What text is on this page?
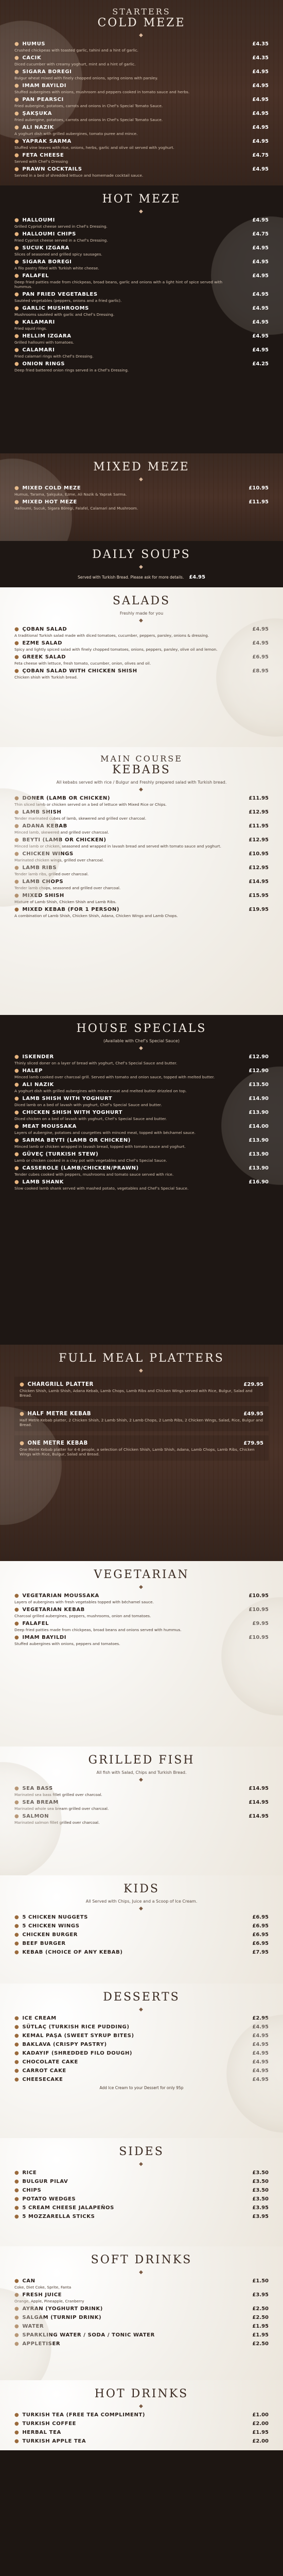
STARTERS
COLD MEZE
◆
● HUMUS	£4.35
Crushed chickpeas with toasted garlic, tahini and a hint of garlic.
● CACIK	£4.35
Diced cucumber with creamy yoghurt, mint and a hint of garlic.
● SIGARA BOREGI	£4.95
Bulgur wheat mixed with finely chopped onions, spring onions with parsley.
● IMAM BAYILDI	£4.95
Stuffed aubergines with onions, mushroom and peppers cooked in tomato sauce and herbs.
● PAN PEARSCI	£4.95
Fried aubergine, potatoes, carrots and onions in Chef’s Special Tomato Sauce.
● ŞAKŞUKA	£4.95
Fried aubergine, potatoes, carrots and onions in Chef’s Special Tomato Sauce.
● ALI NAZIK	£4.95
A yoghurt dish with grilled aubergines, tomato puree and mince.
● YAPRAK SARMA	£4.95
Stuffed vine leaves with rice, onions, herbs, garlic and olive oil served with yoghurt.
● FETA CHEESE	£4.75
Served with Chef’s Dressing
● PRAWN COCKTAILS	£4.95
Served in a bed of shredded lettuce and homemade cocktail sauce.
HOT MEZE
◆
● HALLOUMI	£4.95
Grilled Cypriot cheese served in Chef’s Dressing.
● HALLOUMI CHIPS	£4.75
Fried Cypriot cheese served in a Chef’s Dressing.
● SUCUK IZGARA	£4.95
Slices of seasoned and grilled spicy sausages.
● SIGARA BOREGI	£4.95
A filo pastry filled with Turkish white cheese.
● FALAFEL	£4.95
Deep fried patties made from chickpeas, broad beans, garlic and onions with a light hint of spice served with hummus.
● PAN FRIED VEGETABLES	£4.95
Sautéed vegetables (peppers, onions and a fried garlic).
● GARLIC MUSHROOMS	£4.95
Mushrooms sautéed with garlic and Chef’s Dressing.
● KALAMARI	£4.95
Fried squid rings.
● HELLIM IZGARA	£4.95
Grilled halloumi with tomatoes.
● CALAMARI	£4.95
Fried calamari rings with Chef’s Dressing.
● ONION RINGS	£4.25
Deep fried battered onion rings served in a Chef’s Dressing.
MIXED MEZE
◆
● MIXED COLD MEZE	£10.95
Humus, Tarama, Şakşuka, Ezme, Ali Nazik & Yaprak Sarma.
● MIXED HOT MEZE	£11.95
Halloumi, Sucuk, Sigara Böregi, Falafel, Calamari and Mushroom.
DAILY SOUPS
◆
Served with Turkish Bread. Please ask for more details. £4.95
SALADS
Freshly made for you
◆
● ÇOBAN SALAD	£4.95
A traditional Turkish salad made with diced tomatoes, cucumber, peppers, parsley, onions & dressing.
● EZME SALAD	£4.95
Spicy and lightly spiced salad with finely chopped tomatoes, onions, peppers, parsley, olive oil and lemon.
● GREEK SALAD	£6.95
Feta cheese with lettuce, fresh tomato, cucumber, onion, olives and oil.
● ÇOBAN SALAD WITH CHICKEN SHISH	£8.95
Chicken shish with Turkish bread.
MAIN COURSE
KEBABS
All kebabs served with rice / Bulgur and Freshly prepared salad with Turkish bread.
◆
● DONER (LAMB OR CHICKEN)	£11.95
Thin sliced lamb or chicken served on a bed of lettuce with Mixed Rice or Chips.
● LAMB SHISH	£12.95
Tender marinated cubes of lamb, skewered and grilled over charcoal.
● ADANA KEBAB	£11.95
Minced lamb, skewered and grilled over charcoal.
● BEYTI (LAMB OR CHICKEN)	£12.95
Minced lamb or chicken, seasoned and wrapped in lavash bread and served with tomato sauce and yoghurt.
● CHICKEN WINGS	£10.95
Marinated chicken wings, grilled over charcoal.
● LAMB RIBS	£12.95
Tender lamb ribs, grilled over charcoal.
● LAMB CHOPS	£14.95
Tender lamb chops, seasoned and grilled over charcoal.
● MIXED SHISH	£15.95
Mixture of Lamb Shish, Chicken Shish and Lamb Ribs.
● MIXED KEBAB (FOR 1 PERSON)	£19.95
A combination of Lamb Shish, Chicken Shish, Adana, Chicken Wings and Lamb Chops.
HOUSE SPECIALS
(Available with Chef’s Special Sauce)
◆
● ISKENDER	£12.90
Thinly sliced doner on a layer of bread with yoghurt, Chef’s Special Sauce and butter.
● HALEP	£12.90
Minced lamb cooked over charcoal grill. Served with tomato and onion sauce, topped with melted butter.
● ALI NAZIK	£13.50
A yoghurt dish with grilled aubergines with mince meat and melted butter drizzled on top.
● LAMB SHISH WITH YOGHURT	£14.90
Diced lamb on a bed of lavash with yoghurt, Chef’s Special Sauce and butter.
● CHICKEN SHISH WITH YOGHURT	£13.90
Diced chicken on a bed of lavash with yoghurt, Chef’s Special Sauce and butter.
● MEAT MOUSSAKA	£14.00
Layers of aubergine, potatoes and courgettes with minced meat, topped with béchamel sauce.
● SARMA BEYTI (LAMB OR CHICKEN)	£13.90
Minced lamb or chicken wrapped in lavash bread, topped with tomato sauce and yoghurt.
● GÜVEÇ (TURKISH STEW)	£13.90
Lamb or chicken cooked in a clay pot with vegetables and Chef’s Special Sauce.
● CASSEROLE (LAMB/CHICKEN/PRAWN)	£13.90
Tender cubes cooked with peppers, mushrooms and tomato sauce served with rice.
● LAMB SHANK	£16.90
Slow cooked lamb shank served with mashed potato, vegetables and Chef’s Special Sauce.
FULL MEAL PLATTERS
◆
● CHARGRILL PLATTER	£29.95
Chicken Shish, Lamb Shish, Adana Kebab, Lamb Chops, Lamb Ribs and Chicken Wings served with Rice, Bulgur, Salad and Bread.
● HALF METRE KEBAB	£49.95
Half Metre Kebab platter, 2 Chicken Shish, 2 Lamb Shish, 2 Lamb Chops, 2 Lamb Ribs, 2 Chicken Wings, Salad, Rice, Bulgur and Bread.
● ONE METRE KEBAB	£79.95
One Metre Kebab platter for 4-6 people, a selection of Chicken Shish, Lamb Shish, Adana, Lamb Chops, Lamb Ribs, Chicken Wings with Rice, Bulgur, Salad and Bread.
VEGETARIAN
◆
● VEGETARIAN MOUSSAKA	£10.95
Layers of aubergines with fresh vegetables topped with béchamel sauce.
● VEGETARIAN KEBAB	£10.95
Charcoal grilled aubergines, peppers, mushrooms, onion and tomatoes.
● FALAFEL	£9.95
Deep fried patties made from chickpeas, broad beans and onions served with hummus.
● IMAM BAYILDI	£10.95
Stuffed aubergines with onions, peppers and tomatoes.
GRILLED FISH
All fish with Salad, Chips and Turkish Bread.
◆
● SEA BASS	£14.95
Marinated sea bass fillet grilled over charcoal.
● SEA BREAM	£14.95
Marinated whole sea bream grilled over charcoal.
● SALMON	£14.95
Marinated salmon fillet grilled over charcoal.
KIDS
All Served with Chips, Juice and a Scoop of Ice Cream.
◆
● 5 CHICKEN NUGGETS	£6.95
● 5 CHICKEN WINGS	£6.95
● CHICKEN BURGER	£6.95
● BEEF BURGER	£6.95
● KEBAB (CHOICE OF ANY KEBAB)	£7.95
DESSERTS
◆
● ICE CREAM	£2.95
● SÜTLAÇ (TURKISH RICE PUDDING)	£4.95
● KEMAL PAŞA (SWEET SYRUP BITES)	£4.95
● BAKLAVA (CRISPY PASTRY)	£4.95
● KADAYIF (SHREDDED FILO DOUGH)	£4.95
● CHOCOLATE CAKE	£4.95
● CARROT CAKE	£4.95
● CHEESECAKE	£4.95
Add Ice Cream to your Dessert for only 95p
SIDES
◆
● RICE	£3.50
● BULGUR PILAV	£3.50
● CHIPS	£3.50
● POTATO WEDGES	£3.50
● 5 CREAM CHEESE JALAPEÑOS	£3.95
● 5 MOZZARELLA STICKS	£3.95
SOFT DRINKS
◆
● CAN	£1.50
Coke, Diet Coke, Sprite, Fanta
● FRESH JUICE	£3.95
Orange, Apple, Pineapple, Cranberry
● AYRAN (YOGHURT DRINK)	£2.50
● SALGAM (TURNIP DRINK)	£2.50
● WATER	£1.95
● SPARKLING WATER / SODA / TONIC WATER	£1.95
● APPLETISER	£2.50
HOT DRINKS
◆
● TURKISH TEA (FREE TEA COMPLIMENT)	£1.00
● TURKISH COFFEE	£2.00
● HERBAL TEA	£1.95
● TURKISH APPLE TEA	£2.00
